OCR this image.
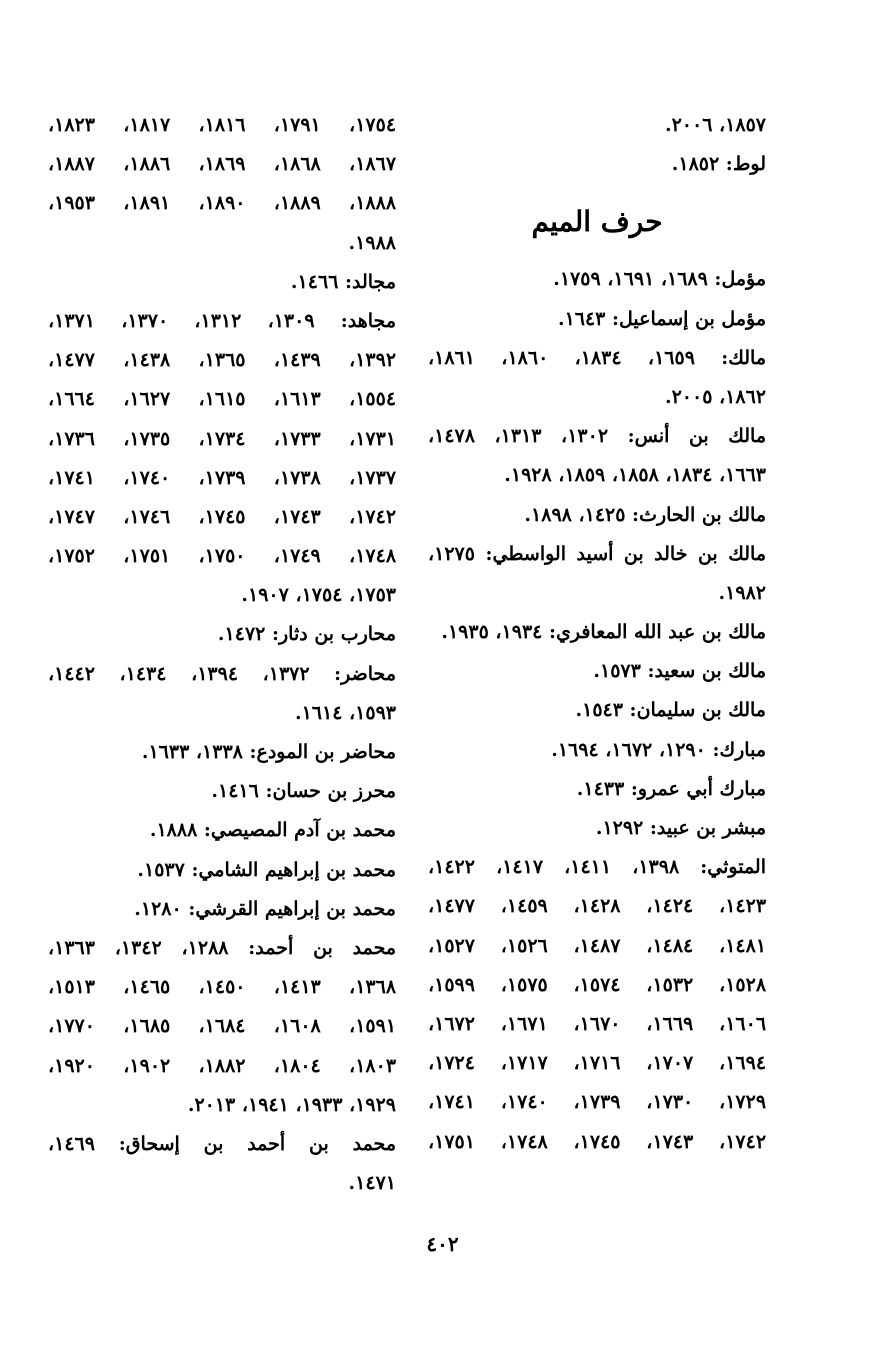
١٨٥٧، ٢٠٠٦.
لوط: ١٨٥٢.
حرف الميم
مؤمل: ١٦٨٩، ١٦٩١، ١٧٥٩.
مؤمل بن إسماعيل: ١٦٤٣.
مالك: ١٦٥٩، ١٨٣٤، ١٨٦٠، ١٨٦١،
١٨٦٢، ٢٠٠٥.
مالك بن أنس: ١٣٠٢، ١٣١٣، ١٤٧٨،
١٦٦٣، ١٨٣٤، ١٨٥٨، ١٨٥٩، ١٩٢٨.
مالك بن الحارث: ١٤٢٥، ١٨٩٨.
مالك بن خالد بن أسيد الواسطي: ١٢٧٥،
١٩٨٢.
مالك بن عبد الله المعافري: ١٩٣٤، ١٩٣٥.
مالك بن سعيد: ١٥٧٣.
مالك بن سليمان: ١٥٤٣.
مبارك: ١٢٩٠، ١٦٧٢، ١٦٩٤.
مبارك أبي عمرو: ١٤٣٣.
مبشر بن عبيد: ١٢٩٢.
المتوثي: ١٣٩٨، ١٤١١، ١٤١٧، ١٤٢٢،
١٤٢٣، ١٤٢٤، ١٤٢٨، ١٤٥٩، ١٤٧٧،
١٤٨١، ١٤٨٤، ١٤٨٧، ١٥٢٦، ١٥٢٧،
١٥٢٨، ١٥٣٢، ١٥٧٤، ١٥٧٥، ١٥٩٩،
١٦٠٦، ١٦٦٩، ١٦٧٠، ١٦٧١، ١٦٧٢،
١٦٩٤، ١٧٠٧، ١٧١٦، ١٧١٧، ١٧٢٤،
١٧٢٩، ١٧٣٠، ١٧٣٩، ١٧٤٠، ١٧٤١،
١٧٤٢، ١٧٤٣، ١٧٤٥، ١٧٤٨، ١٧٥١،
١٧٥٤، ١٧٩١، ١٨١٦، ١٨١٧، ١٨٢٣،
١٨٦٧، ١٨٦٨، ١٨٦٩، ١٨٨٦، ١٨٨٧،
١٨٨٨، ١٨٨٩، ١٨٩٠، ١٨٩١، ١٩٥٣،
١٩٨٨.
مجالد: ١٤٦٦.
مجاهد: ١٣٠٩، ١٣١٢، ١٣٧٠، ١٣٧١،
١٣٩٢، ١٤٣٩، ١٣٦٥، ١٤٣٨، ١٤٧٧،
١٥٥٤، ١٦١٣، ١٦١٥، ١٦٢٧، ١٦٦٤،
١٧٣١، ١٧٣٣، ١٧٣٤، ١٧٣٥، ١٧٣٦،
١٧٣٧، ١٧٣٨، ١٧٣٩، ١٧٤٠، ١٧٤١،
١٧٤٢، ١٧٤٣، ١٧٤٥، ١٧٤٦، ١٧٤٧،
١٧٤٨، ١٧٤٩، ١٧٥٠، ١٧٥١، ١٧٥٢،
١٧٥٣، ١٧٥٤، ١٩٠٧.
محارب بن دثار: ١٤٧٢.
محاضر: ١٣٧٢، ١٣٩٤، ١٤٣٤، ١٤٤٢،
١٥٩٣، ١٦١٤.
محاضر بن المودع: ١٣٣٨، ١٦٣٣.
محرز بن حسان: ١٤١٦.
محمد بن آدم المصيصي: ١٨٨٨.
محمد بن إبراهيم الشامي: ١٥٣٧.
محمد بن إبراهيم القرشي: ١٢٨٠.
محمد بن أحمد: ١٢٨٨، ١٣٤٢، ١٣٦٣،
١٣٦٨، ١٤١٣، ١٤٥٠، ١٤٦٥، ١٥١٣،
١٥٩١، ١٦٠٨، ١٦٨٤، ١٦٨٥، ١٧٧٠،
١٨٠٣، ١٨٠٤، ١٨٨٢، ١٩٠٢، ١٩٢٠،
١٩٢٩، ١٩٣٣، ١٩٤١، ٢٠١٣.
محمد بن أحمد بن إسحاق: ١٤٦٩،
١٤٧١.
٤٠٢
